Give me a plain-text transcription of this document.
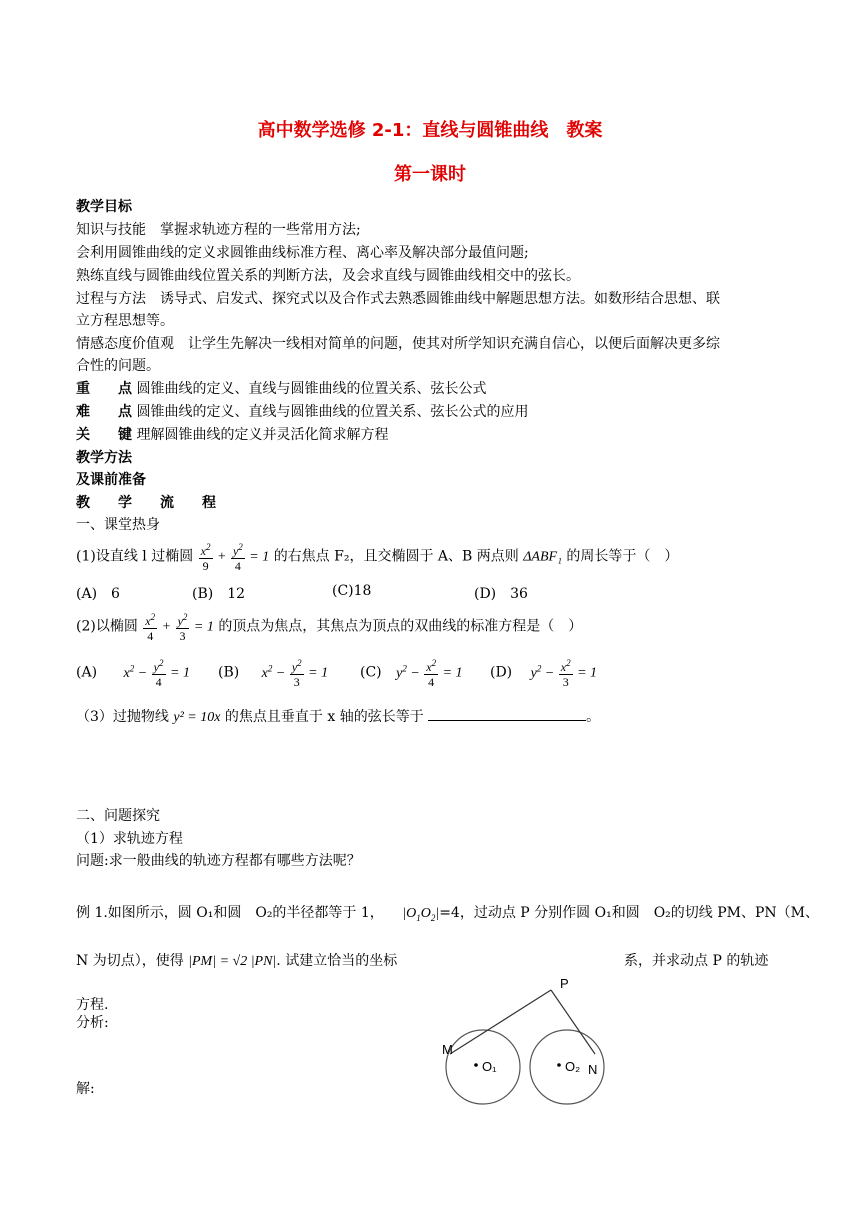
高中数学选修 2-1：直线与圆锥曲线　教案
第一课时
教学目标
知识与技能　掌握求轨迹方程的一些常用方法;
会利用圆锥曲线的定义求圆锥曲线标准方程、离心率及解决部分最值问题;
熟练直线与圆锥曲线位置关系的判断方法，及会求直线与圆锥曲线相交中的弦长。
过程与方法　诱导式、启发式、探究式以及合作式去熟悉圆锥曲线中解题思想方法。如数形结合思想、联
立方程思想等。
情感态度价值观　让学生先解决一线相对简单的问题，使其对所学知识充满自信心，以便后面解决更多综
合性的问题。
重　　点 圆锥曲线的定义、直线与圆锥曲线的位置关系、弦长公式
难　　点 圆锥曲线的定义、直线与圆锥曲线的位置关系、弦长公式的应用
关　　键 理解圆锥曲线的定义并灵活化简求解方程
教学方法
及课前准备
教　　学　　流　　程
一、课堂热身
(1)设直线 l 过椭圆 $\frac{x^2}{9} + \frac{y^2}{4} = 1$ 的右焦点 F₂，且交椭圆于 A、B 两点则 ΔABF₁ 的周长等于（　）
(A)　6	(B)　12	(C)18	(D)　36
(2)以椭圆 $\frac{x^2}{4} + \frac{y^2}{3} = 1$ 的顶点为焦点，其焦点为顶点的双曲线的标准方程是（　）
(A) $x^2 - \frac{y^2}{4} = 1$ (B) $x^2 - \frac{y^2}{3} = 1$ (C) $y^2 - \frac{x^2}{4} = 1$ (D) $y^2 - \frac{x^2}{3} = 1$
（3）过抛物线 y² = 10x 的焦点且垂直于 x 轴的弦长等于	。
二、问题探究
（1）求轨迹方程
问题:求一般曲线的轨迹方程都有哪些方法呢？
例 1.如图所示，圆 O₁和圆　O₂的半径都等于 1， $|O_1O_2|=4$，过动点 P 分别作圆 O₁和圆　O₂的切线 PM、PN（M、
N 为切点），使得 |PM| = √2 |PN|. 试建立恰当的坐标	系，并求动点 P 的轨迹
方程.
分析:
解:
P
M
N
O₁	O₂
